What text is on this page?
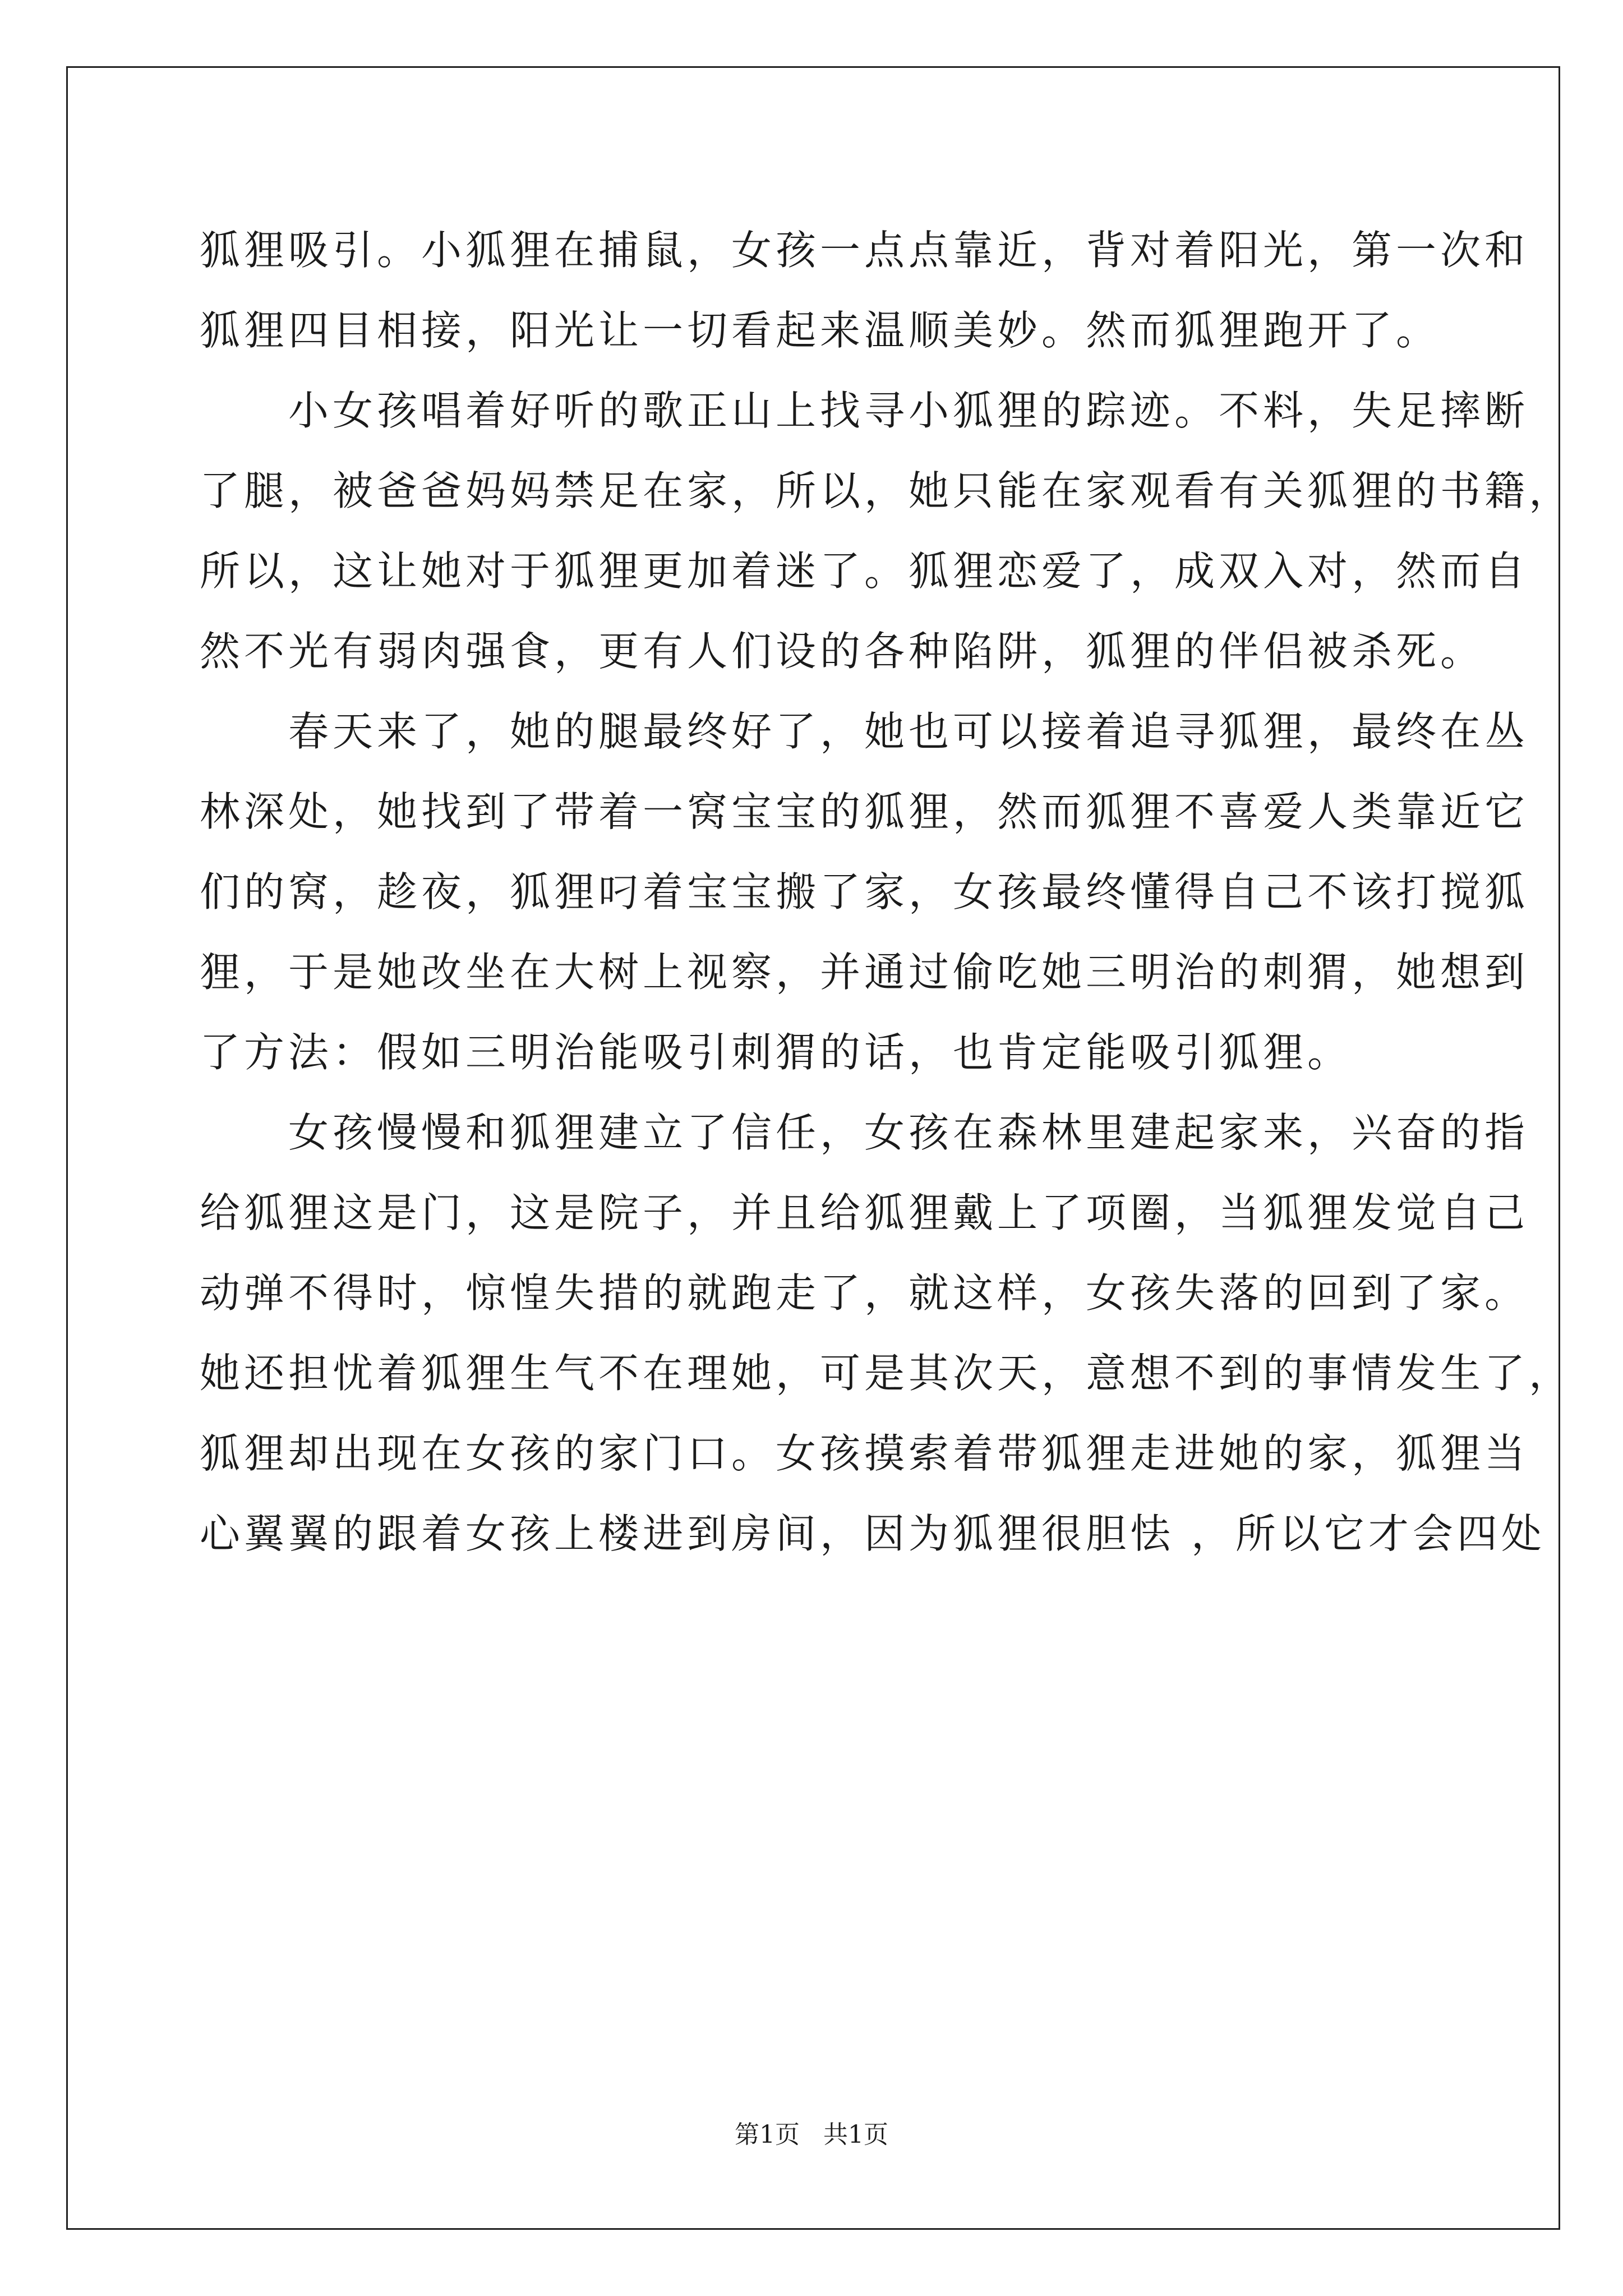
狐狸吸引。小狐狸在捕鼠，女孩一点点靠近，背对着阳光，第一次和
狐狸四目相接，阳光让一切看起来温顺美妙。然而狐狸跑开了。
　　小女孩唱着好听的歌正山上找寻小狐狸的踪迹。不料，失足摔断
了腿，被爸爸妈妈禁足在家，所以，她只能在家观看有关狐狸的书籍，
所以，这让她对于狐狸更加着迷了。狐狸恋爱了，成双入对，然而自
然不光有弱肉强食，更有人们设的各种陷阱，狐狸的伴侣被杀死。
　　春天来了，她的腿最终好了，她也可以接着追寻狐狸，最终在丛
林深处，她找到了带着一窝宝宝的狐狸，然而狐狸不喜爱人类靠近它
们的窝，趁夜，狐狸叼着宝宝搬了家，女孩最终懂得自己不该打搅狐
狸，于是她改坐在大树上视察，并通过偷吃她三明治的刺猬，她想到
了方法：假如三明治能吸引刺猬的话，也肯定能吸引狐狸。
　　女孩慢慢和狐狸建立了信任，女孩在森林里建起家来，兴奋的指
给狐狸这是门，这是院子，并且给狐狸戴上了项圈，当狐狸发觉自己
动弹不得时，惊惶失措的就跑走了，就这样，女孩失落的回到了家。
她还担忧着狐狸生气不在理她，可是其次天，意想不到的事情发生了，
狐狸却出现在女孩的家门口。女孩摸索着带狐狸走进她的家，狐狸当
心翼翼的跟着女孩上楼进到房间，因为狐狸很胆怯 ，所以它才会四处
第1页   共1页
